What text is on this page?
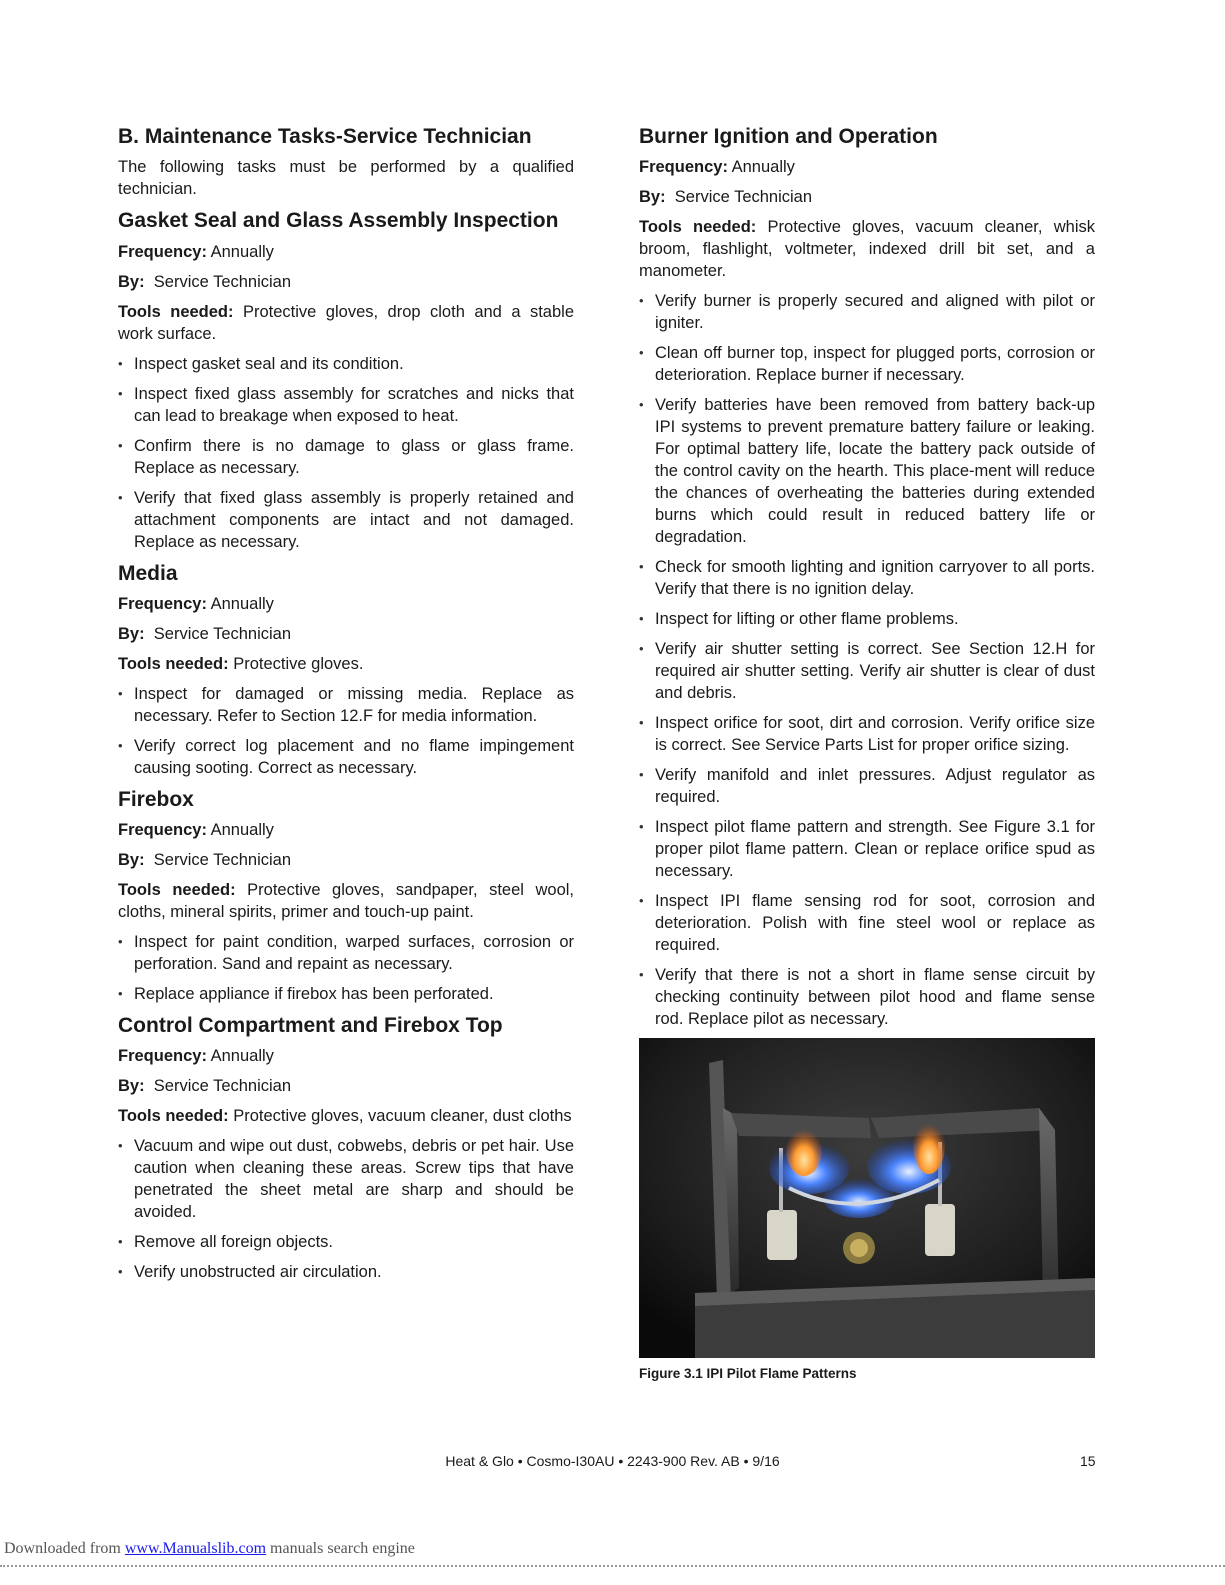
B. Maintenance Tasks-Service Technician

The following tasks must be performed by a qualified technician.

Gasket Seal and Glass Assembly Inspection

Frequency: Annually

By: Service Technician

Tools needed: Protective gloves, drop cloth and a stable work surface.

• Inspect gasket seal and its condition.
• Inspect fixed glass assembly for scratches and nicks that can lead to breakage when exposed to heat.
• Confirm there is no damage to glass or glass frame. Replace as necessary.
• Verify that fixed glass assembly is properly retained and attachment components are intact and not damaged. Replace as necessary.
Media

Frequency: Annually

By: Service Technician

Tools needed: Protective gloves.

• Inspect for damaged or missing media. Replace as necessary. Refer to Section 12.F for media information.
• Verify correct log placement and no flame impingement causing sooting. Correct as necessary.
Firebox

Frequency: Annually

By: Service Technician

Tools needed: Protective gloves, sandpaper, steel wool, cloths, mineral spirits, primer and touch-up paint.

• Inspect for paint condition, warped surfaces, corrosion or perforation. Sand and repaint as necessary.
• Replace appliance if firebox has been perforated.
Control Compartment and Firebox Top

Frequency: Annually

By: Service Technician

Tools needed: Protective gloves, vacuum cleaner, dust cloths

• Vacuum and wipe out dust, cobwebs, debris or pet hair. Use caution when cleaning these areas. Screw tips that have penetrated the sheet metal are sharp and should be avoided.
• Remove all foreign objects.
• Verify unobstructed air circulation.
Burner Ignition and Operation

Frequency: Annually

By: Service Technician

Tools needed: Protective gloves, vacuum cleaner, whisk broom, flashlight, voltmeter, indexed drill bit set, and a manometer.

• Verify burner is properly secured and aligned with pilot or igniter.
• Clean off burner top, inspect for plugged ports, corrosion or deterioration. Replace burner if necessary.
• Verify batteries have been removed from battery back-up IPI systems to prevent premature battery failure or leaking. For optimal battery life, locate the battery pack outside of the control cavity on the hearth. This place-ment will reduce the chances of overheating the batteries during extended burns which could result in reduced battery life or degradation.
• Check for smooth lighting and ignition carryover to all ports. Verify that there is no ignition delay.
• Inspect for lifting or other flame problems.
• Verify air shutter setting is correct. See Section 12.H for required air shutter setting. Verify air shutter is clear of dust and debris.
• Inspect orifice for soot, dirt and corrosion. Verify orifice size is correct. See Service Parts List for proper orifice sizing.
• Verify manifold and inlet pressures. Adjust regulator as required.
• Inspect pilot flame pattern and strength. See Figure 3.1 for proper pilot flame pattern. Clean or replace orifice spud as necessary.
• Inspect IPI flame sensing rod for soot, corrosion and deterioration. Polish with fine steel wool or replace as required.
• Verify that there is not a short in flame sense circuit by checking continuity between pilot hood and flame sense rod. Replace pilot as necessary.
Figure 3.1 IPI Pilot Flame Patterns
Heat & Glo • Cosmo-I30AU • 2243-900 Rev. AB • 9/16	15
Downloaded from www.Manualslib.com manuals search engine
